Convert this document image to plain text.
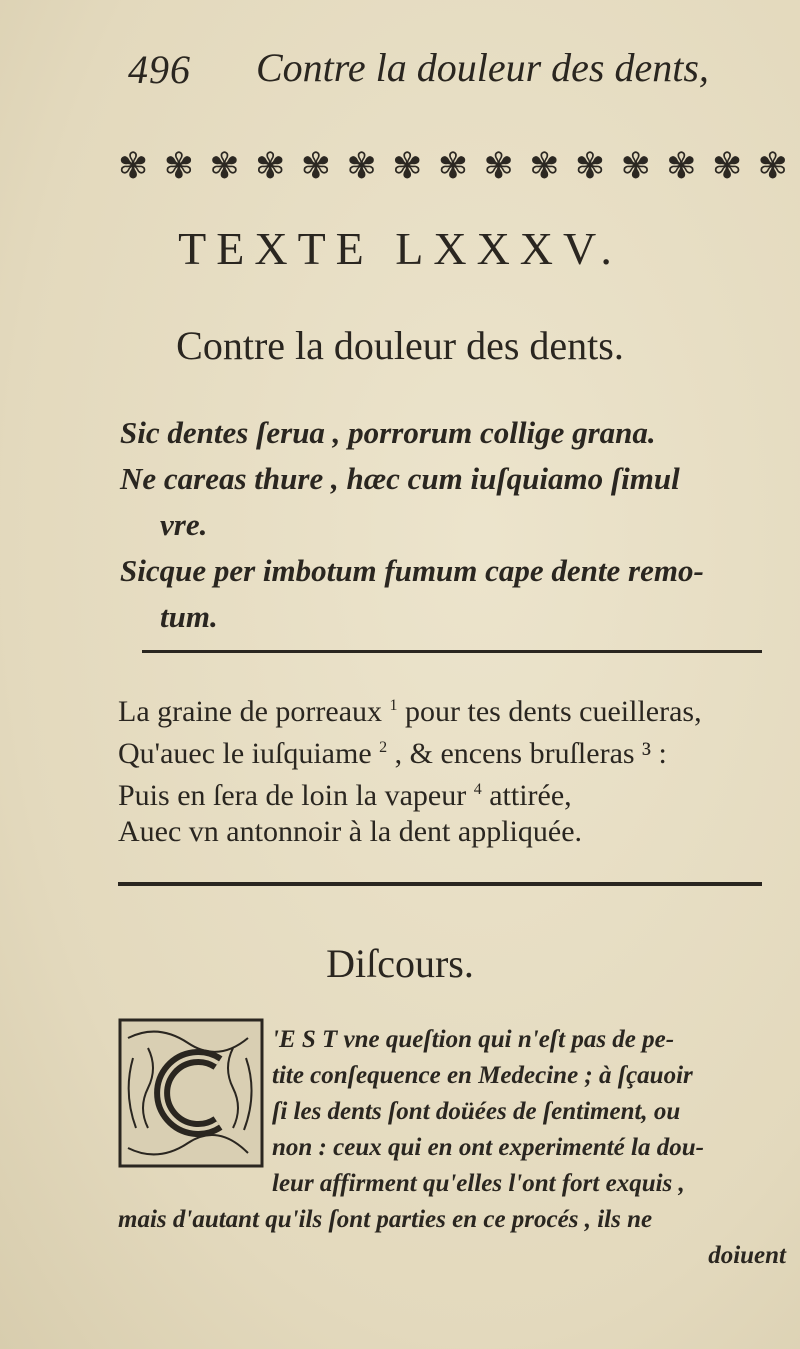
496 Contre la douleur des dents,
✾ ✾ ✾ ✾ ✾ ✾ ✾ ✾ ✾ ✾ ✾ ✾ ✾ ✾ ✾
TEXTE LXXXV.
Contre la douleur des dents.
Sic dentes ſerua , porrorum collige grana.
Ne careas thure , hæc cum iuſquiamo ſimul
vre.
Sicque per imbotum fumum cape dente remo-
tum.
La graine de porreaux $^1$ pour tes dents cueilleras,
Qu'auec le iuſquiame $^2$ , & encens bruſleras ³ :
Puis en ſera de loin la vapeur $^4$ attirée,
Auec vn antonnoir à la dent appliquée.
Diſcours.
'E S T vne queſtion qui n'eſt pas de pe-
tite conſequence en Medecine ; à ſçauoir
ſi les dents ſont doüées de ſentiment, ou
non : ceux qui en ont experimenté la dou-
leur affirment qu'elles l'ont fort exquis ,
mais d'autant qu'ils ſont parties en ce procés , ils ne
doiuent
